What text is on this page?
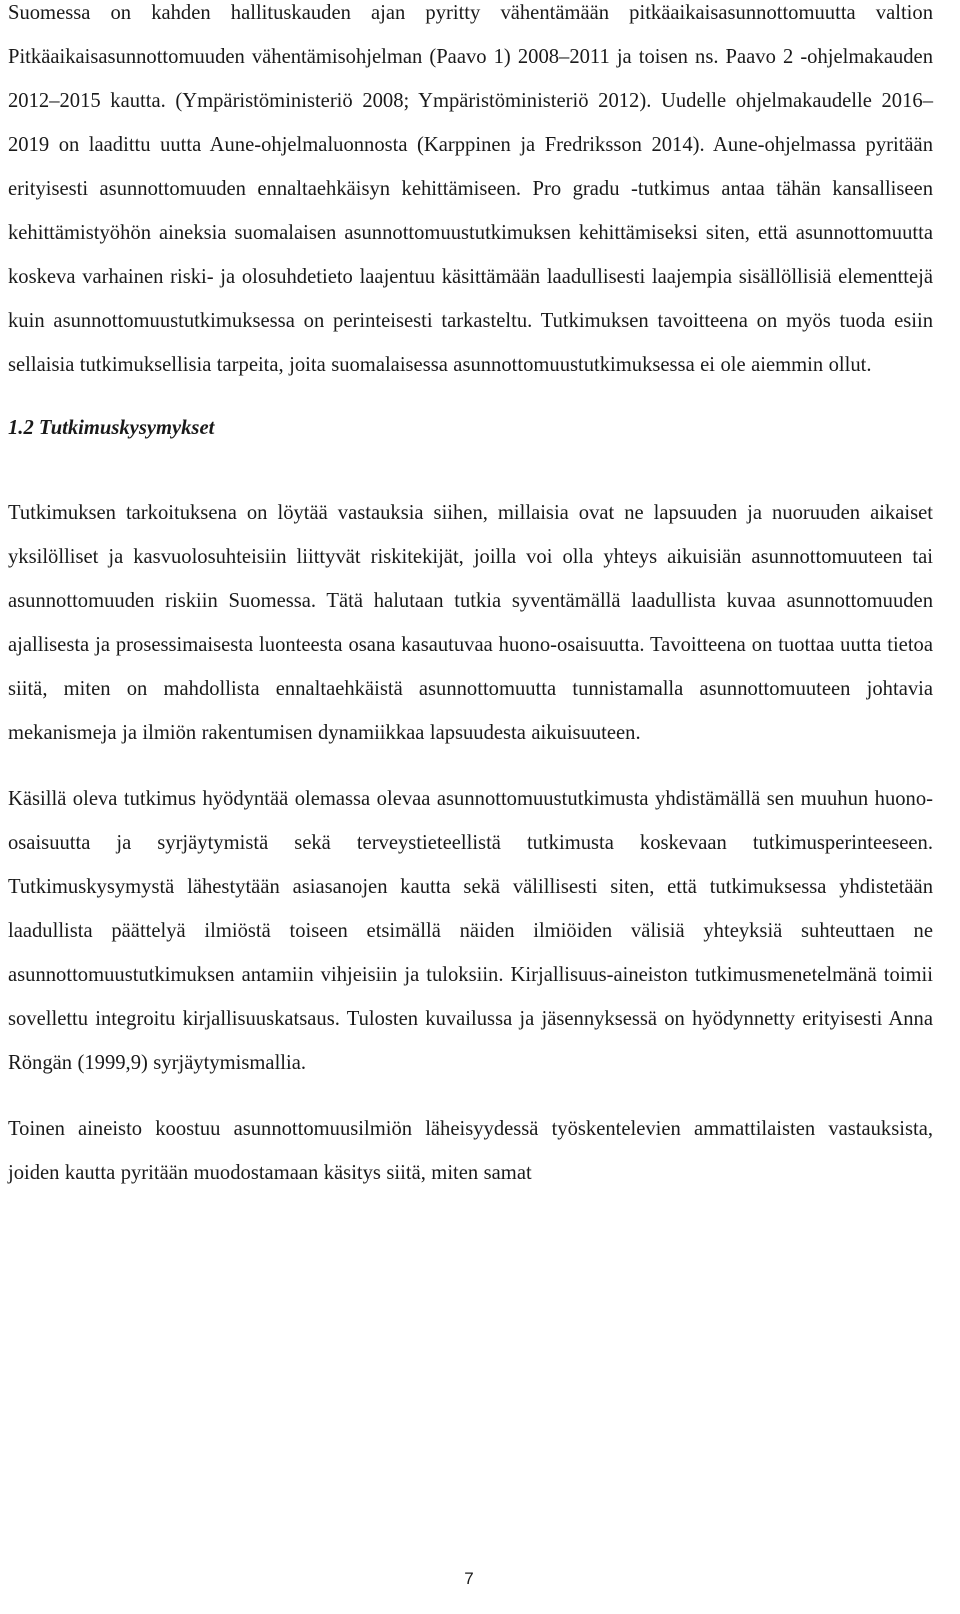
Suomessa on kahden hallituskauden ajan pyritty vähentämään pitkäaikaisasunnottomuutta valtion Pitkäaikaisasunnottomuuden vähentämisohjelman (Paavo 1) 2008–2011 ja toisen ns. Paavo 2 -ohjelmakauden 2012–2015 kautta. (Ympäristöministeriö 2008; Ympäristöministeriö 2012). Uudelle ohjelmakaudelle 2016–2019 on laadittu uutta Aune-ohjelmaluonnosta (Karppinen ja Fredriksson 2014). Aune-ohjelmassa pyritään erityisesti asunnottomuuden ennaltaehkäisyn kehittämiseen. Pro gradu -tutkimus antaa tähän kansalliseen kehittämistyöhön aineksia suomalaisen asunnottomuustutkimuksen kehittämiseksi siten, että asunnottomuutta koskeva varhainen riski- ja olosuhdetieto laajentuu käsittämään laadullisesti laajempia sisällöllisiä elementtejä kuin asunnottomuustutkimuksessa on perinteisesti tarkasteltu. Tutkimuksen tavoitteena on myös tuoda esiin sellaisia tutkimuksellisia tarpeita, joita suomalaisessa asunnottomuustutkimuksessa ei ole aiemmin ollut.

1.2 Tutkimuskysymykset

Tutkimuksen tarkoituksena on löytää vastauksia siihen, millaisia ovat ne lapsuuden ja nuoruuden aikaiset yksilölliset ja kasvuolosuhteisiin liittyvät riskitekijät, joilla voi olla yhteys aikuisiän asunnottomuuteen tai asunnottomuuden riskiin Suomessa. Tätä halutaan tutkia syventämällä laadullista kuvaa asunnottomuuden ajallisesta ja prosessimaisesta luonteesta osana kasautuvaa huono-osaisuutta. Tavoitteena on tuottaa uutta tietoa siitä, miten on mahdollista ennaltaehkäistä asunnottomuutta tunnistamalla asunnottomuuteen johtavia mekanismeja ja ilmiön rakentumisen dynamiikkaa lapsuudesta aikuisuuteen.

Käsillä oleva tutkimus hyödyntää olemassa olevaa asunnottomuustutkimusta yhdistämällä sen muuhun huono-osaisuutta ja syrjäytymistä sekä terveystieteellistä tutkimusta koskevaan tutkimusperinteeseen. Tutkimuskysymystä lähestytään asiasanojen kautta sekä välillisesti siten, että tutkimuksessa yhdistetään laadullista päättelyä ilmiöstä toiseen etsimällä näiden ilmiöiden välisiä yhteyksiä suhteuttaen ne asunnottomuustutkimuksen antamiin vihjeisiin ja tuloksiin. Kirjallisuus-aineiston tutkimusmenetelmänä toimii sovellettu integroitu kirjallisuuskatsaus. Tulosten kuvailussa ja jäsennyksessä on hyödynnetty erityisesti Anna Röngän (1999,9) syrjäytymismallia.

Toinen aineisto koostuu asunnottomuusilmiön läheisyydessä työskentelevien ammattilaisten vastauksista, joiden kautta pyritään muodostamaan käsitys siitä, miten samat

7
